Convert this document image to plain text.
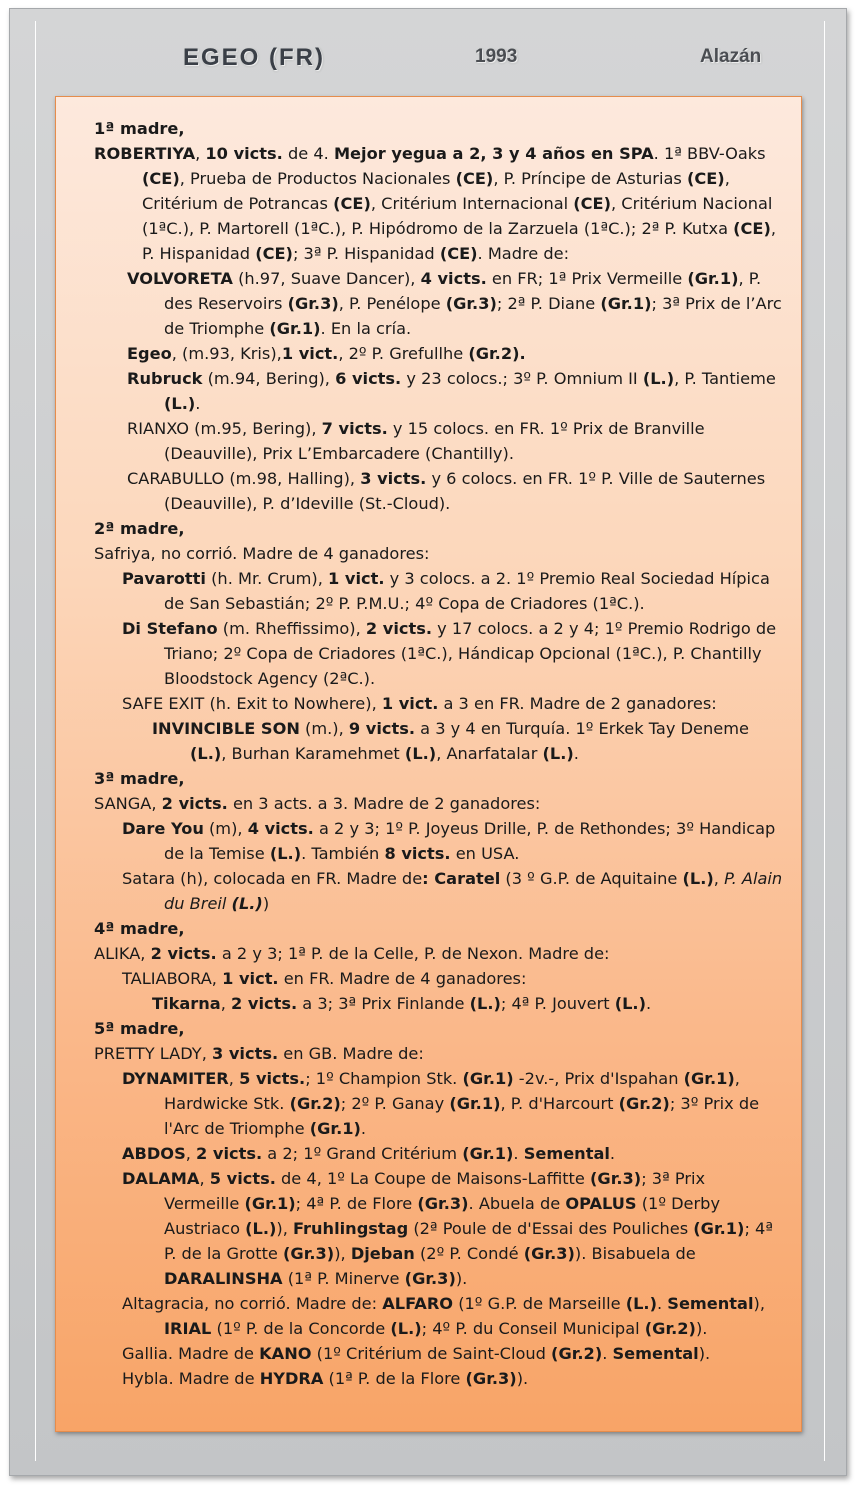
EGEO (FR)	1993	Alazán

1ª madre,

ROBERTIYA, 10 victs. de 4. Mejor yegua a 2, 3 y 4 años en SPA. 1ª BBV-Oaks (CE), Prueba de Productos Nacionales (CE), P. Príncipe de Asturias (CE), Critérium de Potrancas (CE), Critérium Internacional (CE), Critérium Nacional (1ªC.), P. Martorell (1ªC.), P. Hipódromo de la Zarzuela (1ªC.); 2ª P. Kutxa (CE), P. Hispanidad (CE); 3ª P. Hispanidad (CE). Madre de:

VOLVORETA (h.97, Suave Dancer), 4 victs. en FR; 1ª Prix Vermeille (Gr.1), P. des Reservoirs (Gr.3), P. Penélope (Gr.3); 2ª P. Diane (Gr.1); 3ª Prix de l’Arc de Triomphe (Gr.1). En la cría.

Egeo, (m.93, Kris),1 vict., 2º P. Grefullhe (Gr.2).

Rubruck (m.94, Bering), 6 victs. y 23 colocs.; 3º P. Omnium II (L.), P. Tantieme (L.).

RIANXO (m.95, Bering), 7 victs. y 15 colocs. en FR. 1º Prix de Branville (Deauville), Prix L’Embarcadere (Chantilly).

CARABULLO (m.98, Halling), 3 victs. y 6 colocs. en FR. 1º P. Ville de Sauternes (Deauville), P. d’Ideville (St.-Cloud).

2ª madre,

Safriya, no corrió. Madre de 4 ganadores:

Pavarotti (h. Mr. Crum), 1 vict. y 3 colocs. a 2. 1º Premio Real Sociedad Hípica de San Sebastián; 2º P. P.M.U.; 4º Copa de Criadores (1ªC.).

Di Stefano (m. Rheffissimo), 2 victs. y 17 colocs. a 2 y 4; 1º Premio Rodrigo de Triano; 2º Copa de Criadores (1ªC.), Hándicap Opcional (1ªC.), P. Chantilly Bloodstock Agency (2ªC.).

SAFE EXIT (h. Exit to Nowhere), 1 vict. a 3 en FR. Madre de 2 ganadores:

INVINCIBLE SON (m.), 9 victs. a 3 y 4 en Turquía. 1º Erkek Tay Deneme (L.), Burhan Karamehmet (L.), Anarfatalar (L.).

3ª madre,

SANGA, 2 victs. en 3 acts. a 3. Madre de 2 ganadores:

Dare You (m), 4 victs. a 2 y 3; 1º P. Joyeus Drille, P. de Rethondes; 3º Handicap de la Temise (L.). También 8 victs. en USA.

Satara (h), colocada en FR. Madre de: Caratel (3 º G.P. de Aquitaine (L.), P. Alain du Breil (L.))

4ª madre,

ALIKA, 2 victs. a 2 y 3; 1ª P. de la Celle, P. de Nexon. Madre de:

TALIABORA, 1 vict. en FR. Madre de 4 ganadores:

Tikarna, 2 victs. a 3; 3ª Prix Finlande (L.); 4ª P. Jouvert (L.).

5ª madre,

PRETTY LADY, 3 victs. en GB. Madre de:

DYNAMITER, 5 victs.; 1º Champion Stk. (Gr.1) -2v.-, Prix d'Ispahan (Gr.1), Hardwicke Stk. (Gr.2); 2º P. Ganay (Gr.1), P. d'Harcourt (Gr.2); 3º Prix de l'Arc de Triomphe (Gr.1).

ABDOS, 2 victs. a 2; 1º Grand Critérium (Gr.1). Semental.

DALAMA, 5 victs. de 4, 1º La Coupe de Maisons-Laffitte (Gr.3); 3ª Prix Vermeille (Gr.1); 4ª P. de Flore (Gr.3). Abuela de OPALUS (1º Derby Austriaco (L.)), Fruhlingstag (2ª Poule de d'Essai des Pouliches (Gr.1); 4ª P. de la Grotte (Gr.3)), Djeban (2º P. Condé (Gr.3)). Bisabuela de DARALINSHA (1ª P. Minerve (Gr.3)).

Altagracia, no corrió. Madre de: ALFARO (1º G.P. de Marseille (L.). Semental), IRIAL (1º P. de la Concorde (L.); 4º P. du Conseil Municipal (Gr.2)).

Gallia. Madre de KANO (1º Critérium de Saint-Cloud (Gr.2). Semental).

Hybla. Madre de HYDRA (1ª P. de la Flore (Gr.3)).
